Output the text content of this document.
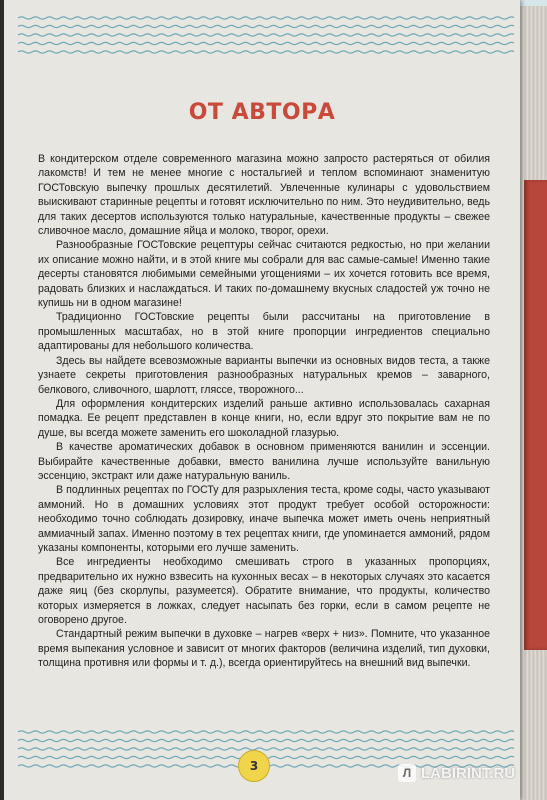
ОТ АВТОРА

В кондитерском отделе современного магазина можно запросто растеряться от обилия лакомств! И тем не менее многие с ностальгией и теплом вспоминают знаменитую ГОСТовскую выпечку прошлых десятилетий. Увлеченные кулинары с удовольствием выискивают старинные рецепты и готовят исключительно по ним. Это неудивительно, ведь для таких десертов используются только натуральные, качественные продукты – свежее сливочное масло, домашние яйца и молоко, творог, орехи.

Разнообразные ГОСТовские рецептуры сейчас считаются редкостью, но при желании их описание можно найти, и в этой книге мы собрали для вас самые-самые! Именно такие десерты становятся любимыми семейными угощениями – их хочется готовить все время, радовать близких и наслаждаться. И таких по-домашнему вкусных сладостей уж точно не купишь ни в одном магазине!

Традиционно ГОСТовские рецепты были рассчитаны на приготовление в промышленных масштабах, но в этой книге пропорции ингредиентов специально адаптированы для небольшого количества.

Здесь вы найдете всевозможные варианты выпечки из основных видов теста, а также узнаете секреты приготовления разнообразных натуральных кремов – заварного, белкового, сливочного, шарлотт, гляссе, творожного...

Для оформления кондитерских изделий раньше активно использовалась сахарная помадка. Ее рецепт представлен в конце книги, но, если вдруг это покрытие вам не по душе, вы всегда можете заменить его шоколадной глазурью.

В качестве ароматических добавок в основном применяются ванилин и эссенции. Выбирайте качественные добавки, вместо ванилина лучше используйте ванильную эссенцию, экстракт или даже натуральную ваниль.

В подлинных рецептах по ГОСТу для разрыхления теста, кроме соды, часто указывают аммоний. Но в домашних условиях этот продукт требует особой осторожности: необходимо точно соблюдать дозировку, иначе выпечка может иметь очень неприятный аммиачный запах. Именно поэтому в тех рецептах книги, где упоминается аммоний, рядом указаны компоненты, которыми его лучше заменить.

Все ингредиенты необходимо смешивать строго в указанных пропорциях, предварительно их нужно взвесить на кухонных весах – в некоторых случаях это касается даже яиц (без скорлупы, разумеется). Обратите внимание, что продукты, количество которых измеряется в ложках, следует насыпать без горки, если в самом рецепте не оговорено другое.

Стандартный режим выпечки в духовке – нагрев «верх + низ». Помните, что указанное время выпекания условное и зависит от многих факторов (величина изделий, тип духовки, толщина противня или формы и т. д.), всегда ориентируйтесь на внешний вид выпечки.

3	Л LABIRINT.RU
